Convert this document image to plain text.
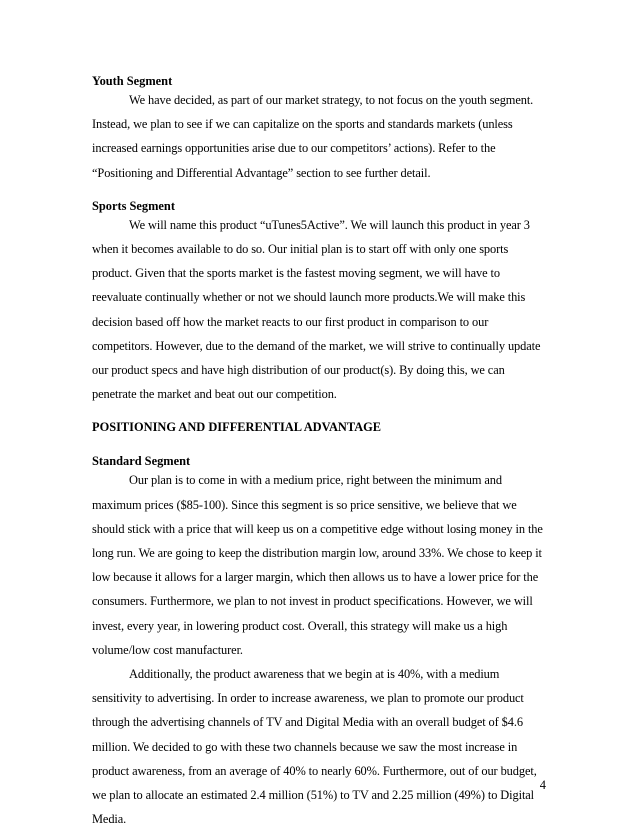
Youth Segment

We have decided, as part of our market strategy, to not focus on the youth segment. Instead, we plan to see if we can capitalize on the sports and standards markets (unless increased earnings opportunities arise due to our competitors’ actions). Refer to the “Positioning and Differential Advantage” section to see further detail.

Sports Segment

We will name this product “uTunes5Active”. We will launch this product in year 3 when it becomes available to do so. Our initial plan is to start off with only one sports product. Given that the sports market is the fastest moving segment, we will have to reevaluate continually whether or not we should launch more products.We will make this decision based off how the market reacts to our first product in comparison to our competitors. However, due to the demand of the market, we will strive to continually update our product specs and have high distribution of our product(s). By doing this, we can penetrate the market and beat out our competition.

POSITIONING AND DIFFERENTIAL ADVANTAGE

Standard Segment

Our plan is to come in with a medium price, right between the minimum and maximum prices ($85-100). Since this segment is so price sensitive, we believe that we should stick with a price that will keep us on a competitive edge without losing money in the long run. We are going to keep the distribution margin low, around 33%. We chose to keep it low because it allows for a larger margin, which then allows us to have a lower price for the consumers. Furthermore, we plan to not invest in product specifications. However, we will invest, every year, in lowering product cost. Overall, this strategy will make us a high volume/low cost manufacturer.

Additionally, the product awareness that we begin at is 40%, with a medium sensitivity to advertising. In order to increase awareness, we plan to promote our product through the advertising channels of TV and Digital Media with an overall budget of $4.6 million. We decided to go with these two channels because we saw the most increase in product awareness, from an average of 40% to nearly 60%. Furthermore, out of our budget, we plan to allocate an estimated 2.4 million (51%) to TV and 2.25 million (49%) to Digital Media.

4
